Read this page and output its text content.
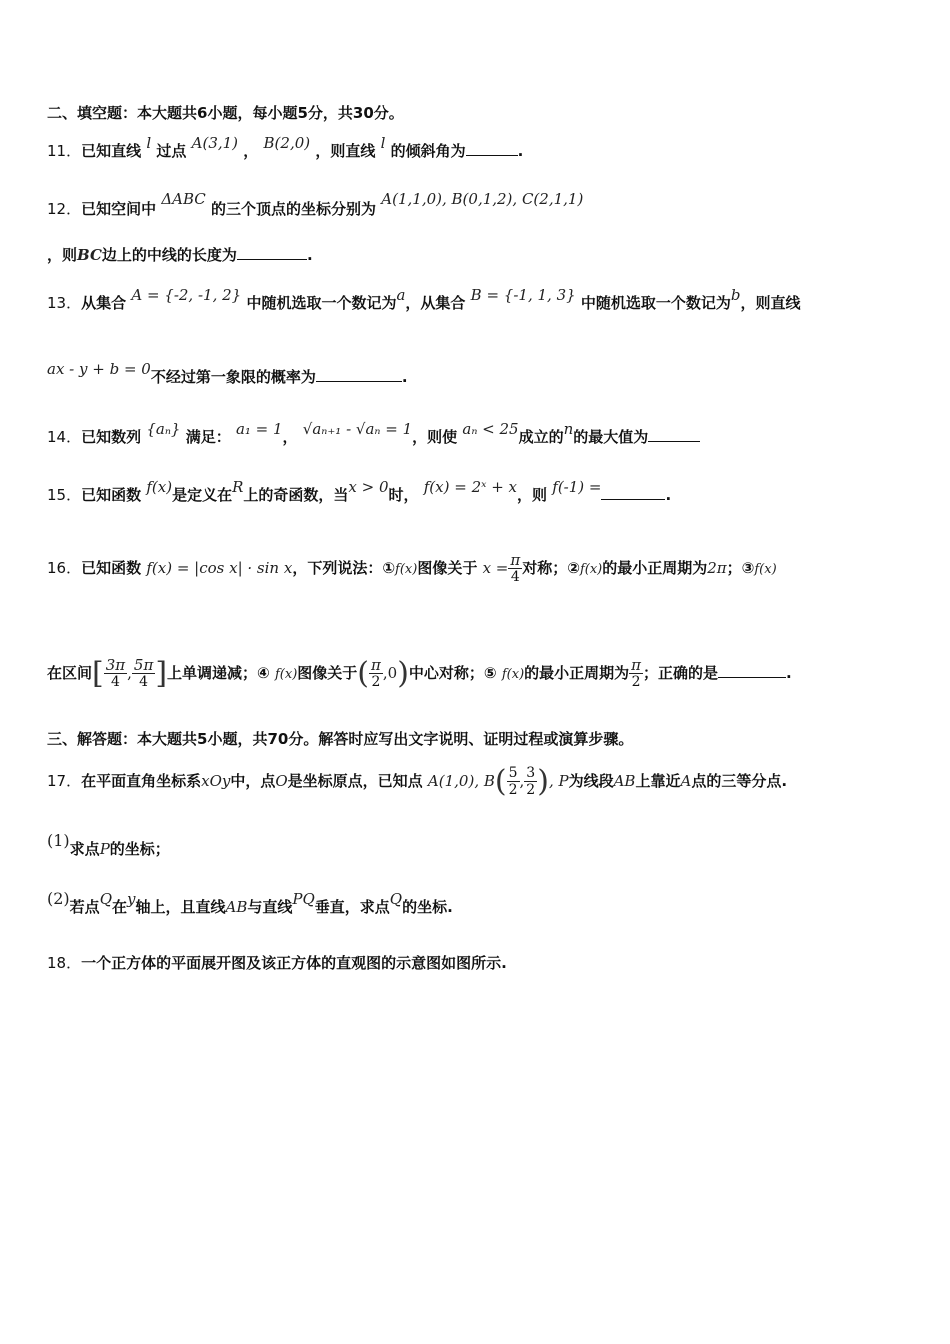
二、填空题：本大题共6小题，每小题5分，共30分。
11．已知直线 l 过点 A(3,1) ， B(2,0) ，则直线 l 的倾斜角为	.
12．已知空间中 ΔABC 的三个顶点的坐标分别为 A(1,1,0), B(0,1,2), C(2,1,1)
，则BC边上的中线的长度为	.
13．从集合 A = {-2, -1, 2} 中随机选取一个数记为a，从集合 B = {-1, 1, 3} 中随机选取一个数记为b，则直线
ax - y + b = 0不经过第一象限的概率为	.
14．已知数列 {aₙ} 满足： a₁ = 1， √aₙ₊₁ - √aₙ = 1，则使 aₙ < 25成立的n的最大值为
15．已知函数 f(x)是定义在R上的奇函数，当x > 0时， f(x) = 2ˣ + x，则 f(-1) =	.
16．已知函数 f(x) = |cos x| · sin x，下列说法：①f(x)图像关于 $x = \frac{\pi}{4}$ 对称；②f(x)的最小正周期为2π；③f(x)
在区间[ $\frac{3\pi}{4}$ , $\frac{5\pi}{4}$ ]上单调递减；④ f(x)图像关于( $\frac{\pi}{2} ,0$)中心对称；⑤ f(x)的最小正周期为 $\frac{\pi}{2}$ ；正确的是	.
三、解答题：本大题共5小题，共70分。解答时应写出文字说明、证明过程或演算步骤。
17．在平面直角坐标系xOy中，点O是坐标原点，已知点 A(1,0), $B( \frac{5}{2}$ , $\frac{3}{2}$ ), P为线段AB上靠近A点的三等分点.
(1)求点P的坐标；
(2)若点Q在y轴上，且直线AB与直线PQ垂直，求点Q的坐标.
18．一个正方体的平面展开图及该正方体的直观图的示意图如图所示.
